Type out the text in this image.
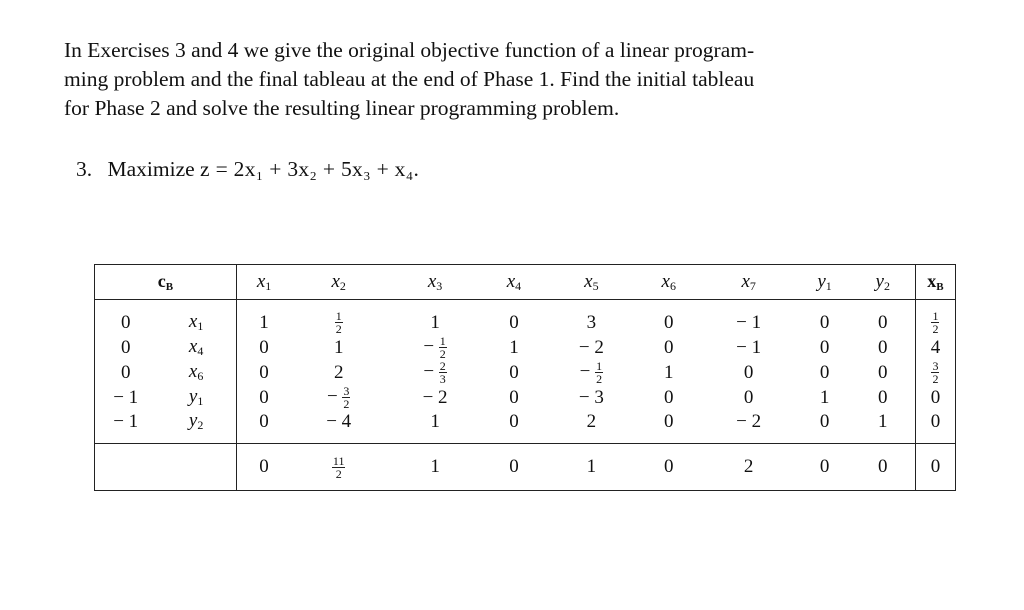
In Exercises 3 and 4 we give the original objective function of a linear program-
ming problem and the final tableau at the end of Phase 1. Find the initial tableau
for Phase 2 and solve the resulting linear programming problem.
3. Maximize z = 2x₁ + 3x₂ + 5x₃ + x₄.
$c_B$		$x_1$	$x_2$	$x_3$	$x_4$	$x_5$	$x_6$	$x_7$	$y_1$	$y_2$	$x_B$
0	$x_1$	1	$\frac{1}{2}$	1	0	3	0	− 1	0	0	$\frac{1}{2}$

0	$x_4$	0	1	− $\frac{1}{2}$	1	− 2	0	− 1	0	0	4
0	$x_6$	0	2	− $\frac{2}{3}$	0	− $\frac{1}{2}$	1	0	0	0	$\frac{3}{2}$

− 1	$y_1$	0	− $\frac{3}{2}$	− 2	0	− 3	0	0	1	0	0
− 1	$y_2$	0	− 4	1	0	2	0	− 2	0	1	0
		0	$\frac{11}{2}$	1	0	1	0	2	0	0	0
